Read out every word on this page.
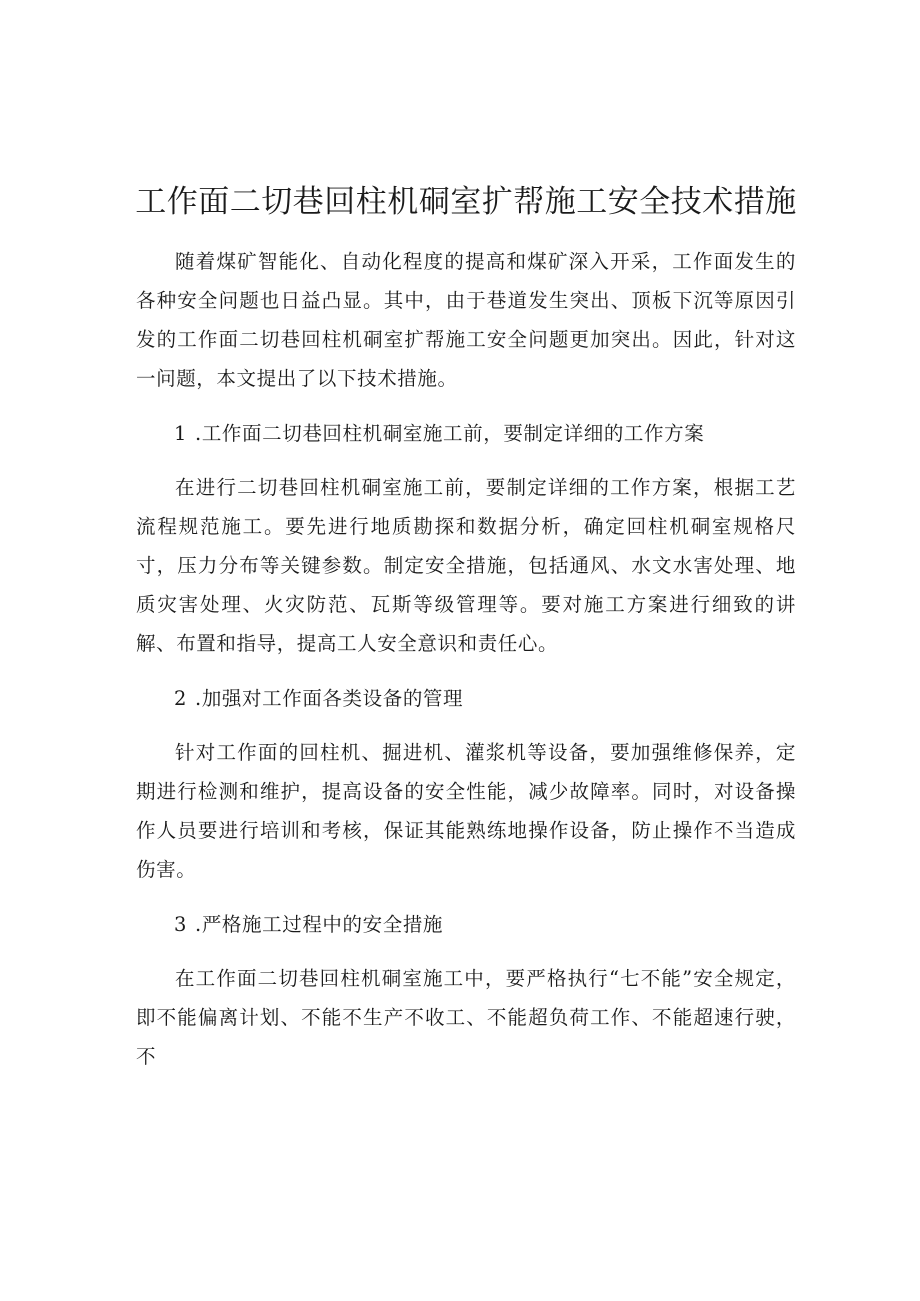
工作面二切巷回柱机硐室扩帮施工安全技术措施

随着煤矿智能化、自动化程度的提高和煤矿深入开采，工作面发生的各种安全问题也日益凸显。其中，由于巷道发生突出、顶板下沉等原因引发的工作面二切巷回柱机硐室扩帮施工安全问题更加突出。因此，针对这一问题，本文提出了以下技术措施。

1 .工作面二切巷回柱机硐室施工前，要制定详细的工作方案

在进行二切巷回柱机硐室施工前，要制定详细的工作方案，根据工艺流程规范施工。要先进行地质勘探和数据分析，确定回柱机硐室规格尺寸，压力分布等关键参数。制定安全措施，包括通风、水文水害处理、地质灾害处理、火灾防范、瓦斯等级管理等。要对施工方案进行细致的讲解、布置和指导，提高工人安全意识和责任心。

2 .加强对工作面各类设备的管理

针对工作面的回柱机、掘进机、灌浆机等设备，要加强维修保养，定期进行检测和维护，提高设备的安全性能，减少故障率。同时，对设备操作人员要进行培训和考核，保证其能熟练地操作设备，防止操作不当造成伤害。

3 .严格施工过程中的安全措施

在工作面二切巷回柱机硐室施工中，要严格执行“七不能”安全规定，即不能偏离计划、不能不生产不收工、不能超负荷工作、不能超速行驶，不
